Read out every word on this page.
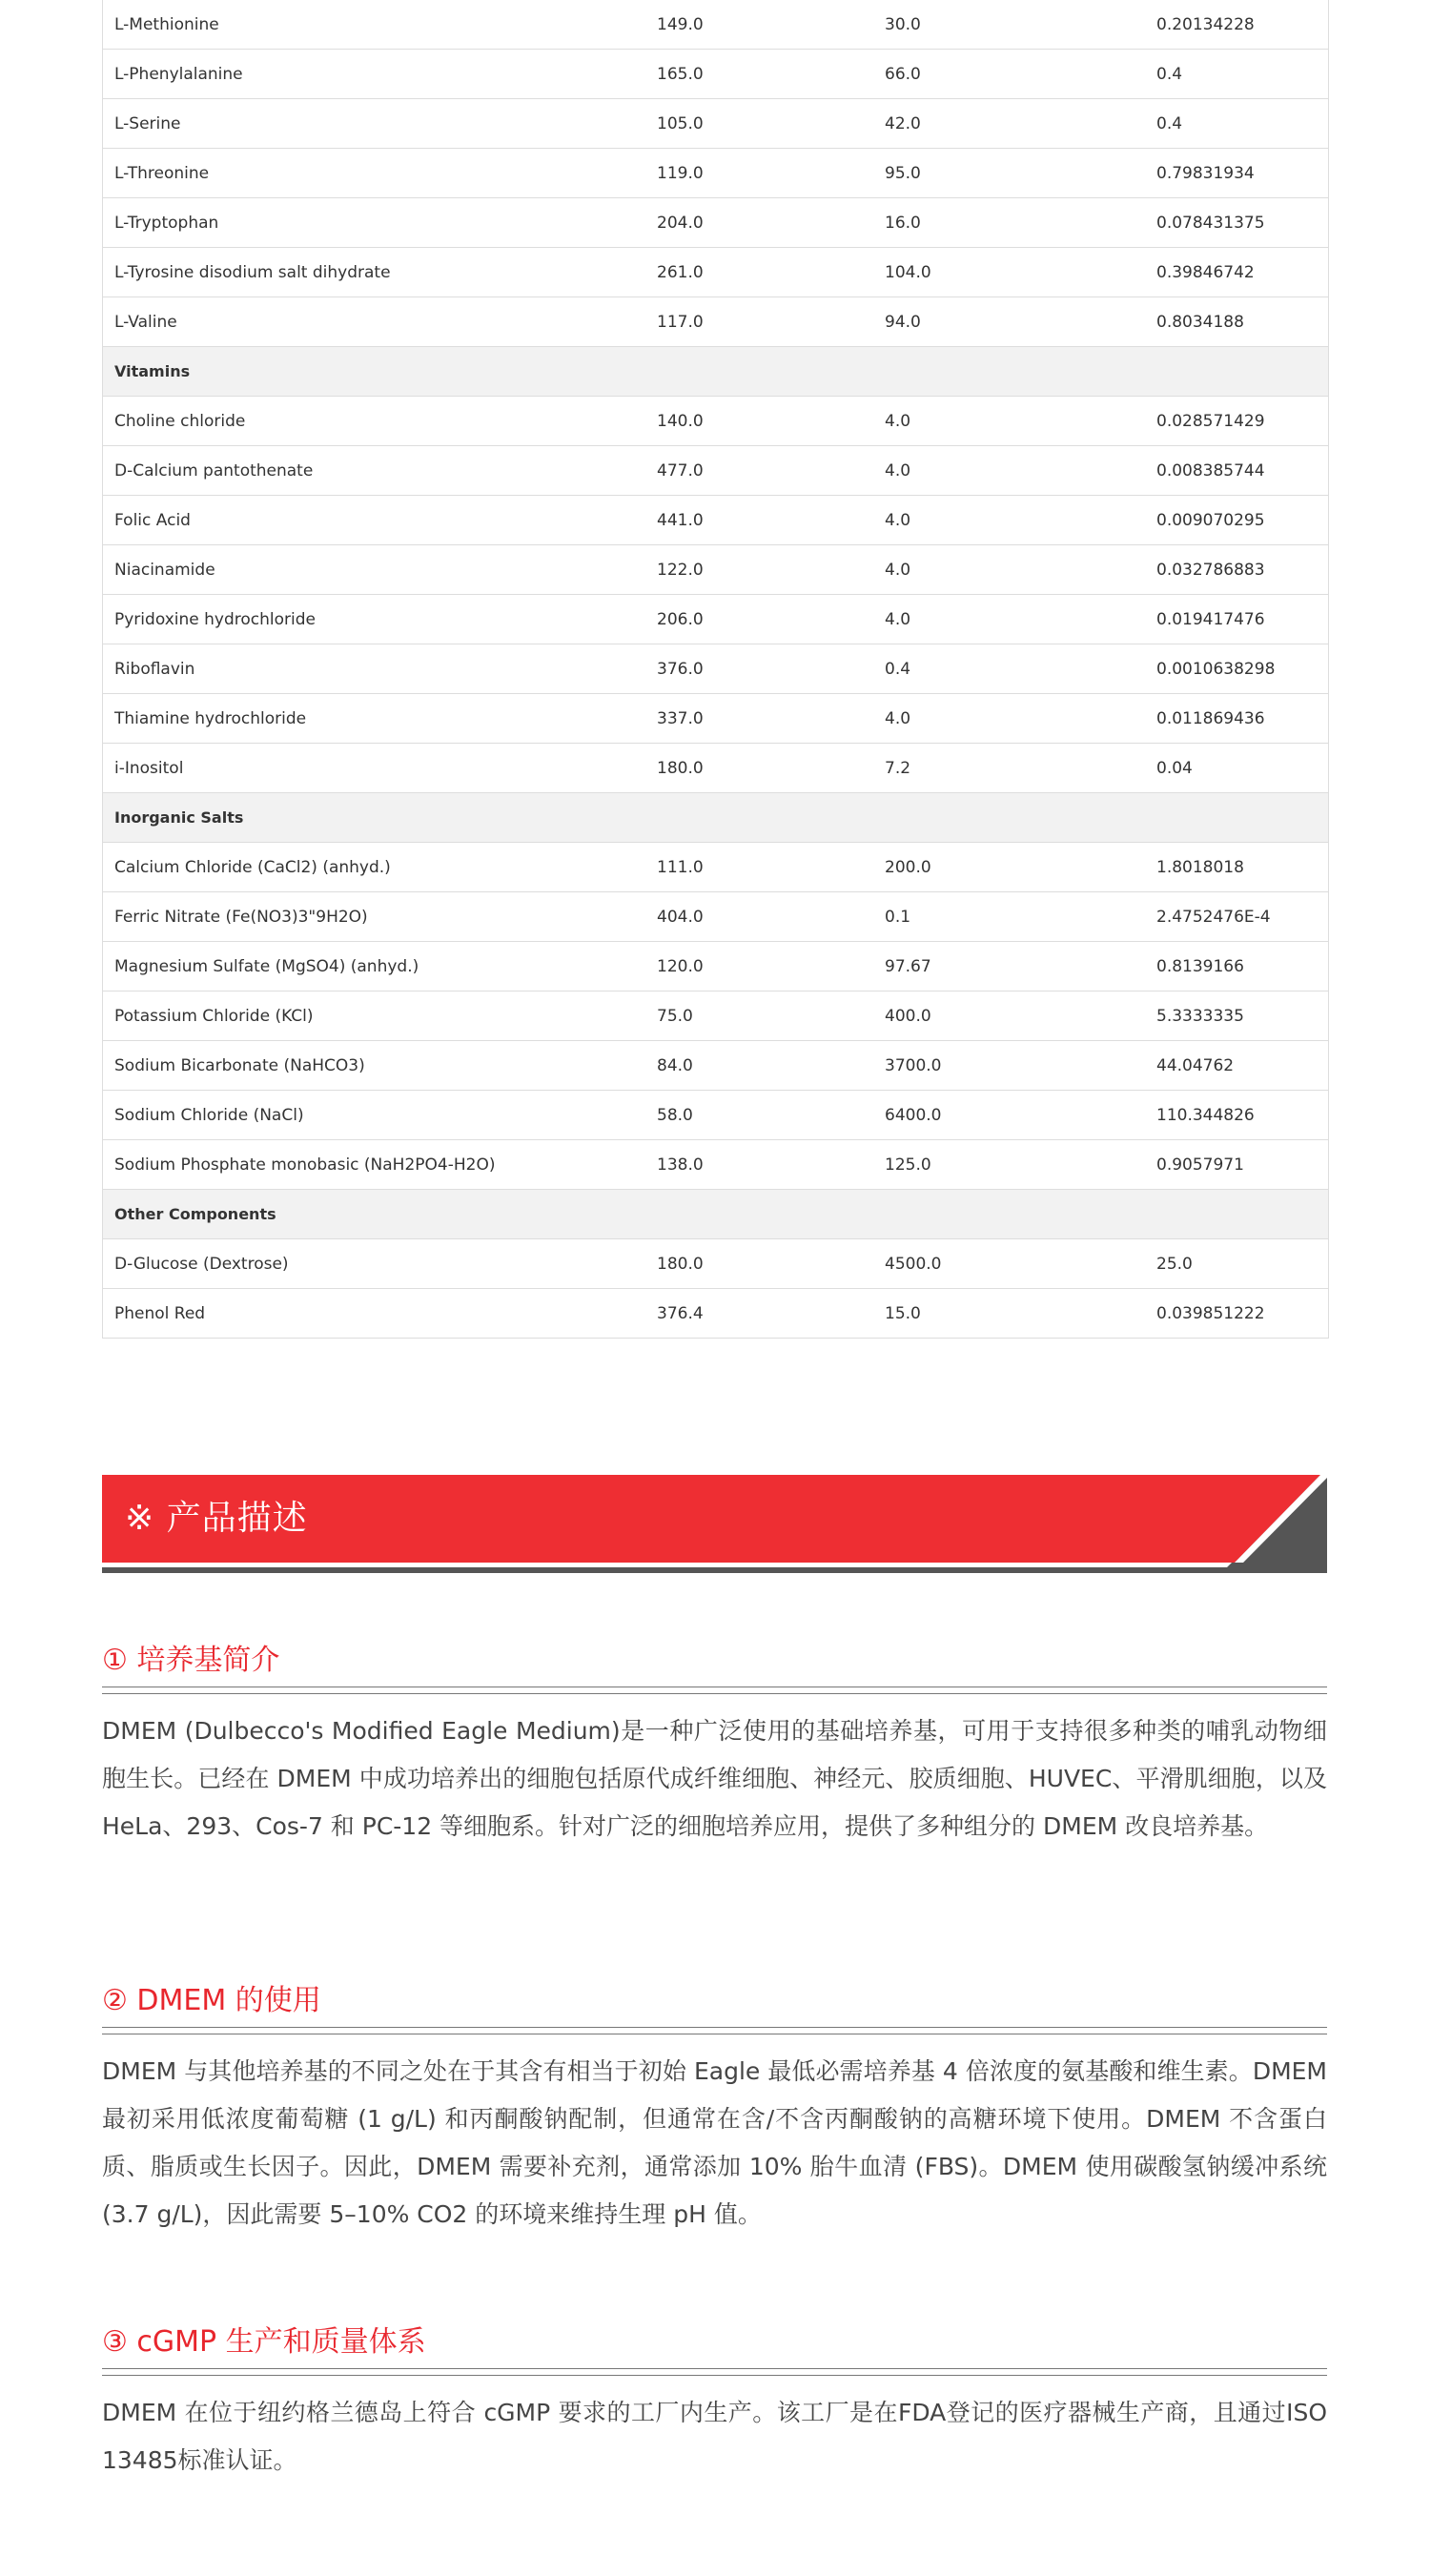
L-Methionine	149.0	30.0	0.20134228
L-Phenylalanine	165.0	66.0	0.4
L-Serine	105.0	42.0	0.4
L-Threonine	119.0	95.0	0.79831934
L-Tryptophan	204.0	16.0	0.078431375
L-Tyrosine disodium salt dihydrate	261.0	104.0	0.39846742
L-Valine	117.0	94.0	0.8034188
Vitamins			
Choline chloride	140.0	4.0	0.028571429
D-Calcium pantothenate	477.0	4.0	0.008385744
Folic Acid	441.0	4.0	0.009070295
Niacinamide	122.0	4.0	0.032786883
Pyridoxine hydrochloride	206.0	4.0	0.019417476
Riboflavin	376.0	0.4	0.0010638298
Thiamine hydrochloride	337.0	4.0	0.011869436
i-Inositol	180.0	7.2	0.04
Inorganic Salts			
Calcium Chloride (CaCl2) (anhyd.)	111.0	200.0	1.8018018
Ferric Nitrate (Fe(NO3)3"9H2O)	404.0	0.1	2.4752476E-4
Magnesium Sulfate (MgSO4) (anhyd.)	120.0	97.67	0.8139166
Potassium Chloride (KCl)	75.0	400.0	5.3333335
Sodium Bicarbonate (NaHCO3)	84.0	3700.0	44.04762
Sodium Chloride (NaCl)	58.0	6400.0	110.344826
Sodium Phosphate monobasic (NaH2PO4-H2O)	138.0	125.0	0.9057971
Other Components			
D-Glucose (Dextrose)	180.0	4500.0	25.0
Phenol Red	376.4	15.0	0.039851222
※ 产品描述
① 培养基简介

DMEM (Dulbecco's Modified Eagle Medium)是一种广泛使用的基础培养基，可用于支持很多种类的哺乳动物细胞生长。已经在 DMEM 中成功培养出的细胞包括原代成纤维细胞、神经元、胶质细胞、HUVEC、平滑肌细胞，以及 HeLa、293、Cos-7 和 PC-12 等细胞系。针对广泛的细胞培养应用，提供了多种组分的 DMEM 改良培养基。

② DMEM 的使用

DMEM 与其他培养基的不同之处在于其含有相当于初始 Eagle 最低必需培养基 4 倍浓度的氨基酸和维生素。DMEM 最初采用低浓度葡萄糖 (1 g/L) 和丙酮酸钠配制，但通常在含/不含丙酮酸钠的高糖环境下使用。DMEM 不含蛋白质、脂质或生长因子。因此，DMEM 需要补充剂，通常添加 10% 胎牛血清 (FBS)。DMEM 使用碳酸氢钠缓冲系统 (3.7 g/L)，因此需要 5–10% CO2 的环境来维持生理 pH 值。

③ cGMP 生产和质量体系

DMEM 在位于纽约格兰德岛上符合 cGMP 要求的工厂内生产。该工厂是在FDA登记的医疗器械生产商，且通过ISO 13485标准认证。
